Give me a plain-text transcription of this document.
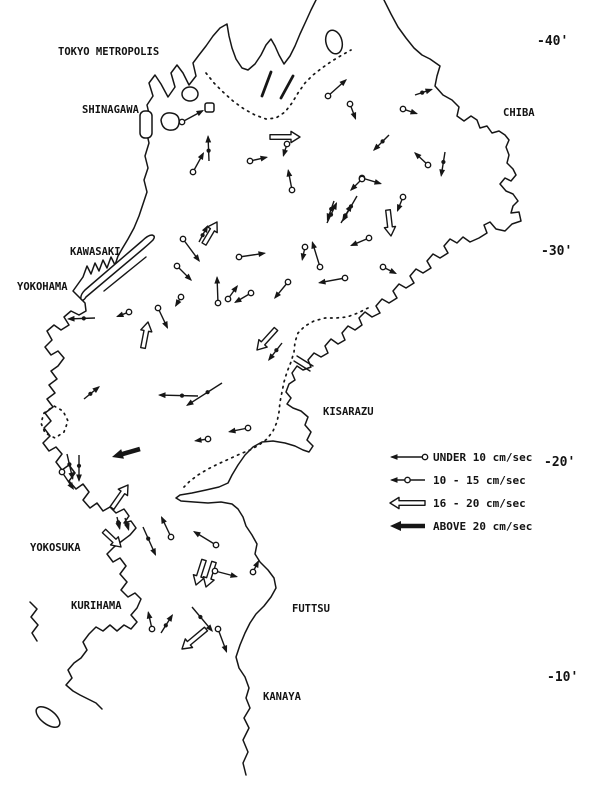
UNDER 10 cm/sec
10 - 15 cm/sec
16 - 20 cm/sec
ABOVE 20 cm/sec
TOKYO METROPOLIS
SHINAGAWA
KAWASAKI
YOKOHAMA
CHIBA
KISARAZU
YOKOSUKA
KURIHAMA	FUTTSU
KANAYA
-40'
-30'
-20'
-10'
